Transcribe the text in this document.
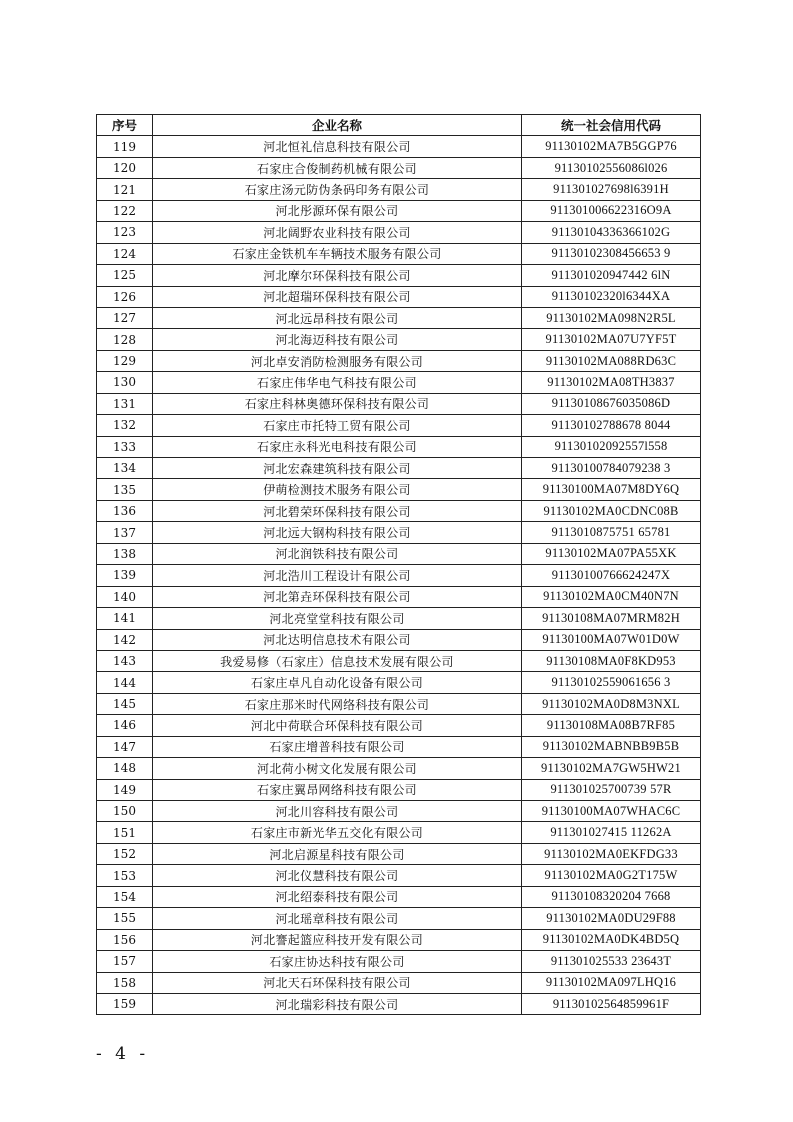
序号	企业名称	统一社会信用代码
119	河北恒礼信息科技有限公司	91130102MA7B5GGP76
120	石家庄合俊制药机械有限公司	91130102556086l026
121	石家庄汤元防伪条码印务有限公司	911301027698l6391H
122	河北彤源环保有限公司	911301006622316O9A
123	河北阔野农业科技有限公司	91130104336366102G
124	石家庄金铁机车车辆技术服务有限公司	91130102308456653 9
125	河北摩尔环保科技有限公司	911301020947442 6lN
126	河北超瑞环保科技有限公司	91130102320l6344XA
127	河北远昂科技有限公司	91130102MA098N2R5L
128	河北海迈科技有限公司	91130102MA07U7YF5T
129	河北卓安消防检测服务有限公司	91130102MA088RD63C
130	石家庄伟华电气科技有限公司	91130102MA08TH3837
131	石家庄科林奥德环保科技有限公司	91130108676035086D
132	石家庄市托特工贸有限公司	91130102788678 8044
133	石家庄永科光电科技有限公司	91130102092557l558
134	河北宏森建筑科技有限公司	91130100784079238 3
135	伊萌检测技术服务有限公司	91130100MA07M8DY6Q
136	河北碧荣环保科技有限公司	91130102MA0CDNC08B
137	河北远大钢构科技有限公司	9113010875751 65781
138	河北润铁科技有限公司	91130102MA07PA55XK
139	河北浩川工程设计有限公司	91130100766624247X
140	河北第垚环保科技有限公司	91130102MA0CM40N7N
141	河北亮堂堂科技有限公司	91130108MA07MRM82H
142	河北达明信息技术有限公司	91130100MA07W01D0W
143	我爱易修（石家庄）信息技术发展有限公司	91130108MA0F8KD953
144	石家庄卓凡自动化设备有限公司	91130102559061656 3
145	石家庄那米时代网络科技有限公司	91130102MA0D8M3NXL
146	河北中荷联合环保科技有限公司	91130108MA08B7RF85
147	石家庄增普科技有限公司	91130102MABNBB9B5B
148	河北荷小树文化发展有限公司	91130102MA7GW5HW21
149	石家庄翼昂网络科技有限公司	911301025700739 57R
150	河北川容科技有限公司	91130100MA07WHAC6C
151	石家庄市新光华五交化有限公司	911301027415 11262A
152	河北启源星科技有限公司	91130102MA0EKFDG33
153	河北仪慧科技有限公司	91130102MA0G2T175W
154	河北绍泰科技有限公司	91130108320204 7668
155	河北瑶章科技有限公司	91130102MA0DU29F88
156	河北謇起篮应科技开发有限公司	91130102MA0DK4BD5Q
157	石家庄协达科技有限公司	911301025533 23643T
158	河北天石环保科技有限公司	91130102MA097LHQ16
159	河北瑞彩科技有限公司	91130102564859961F
- 4 -
